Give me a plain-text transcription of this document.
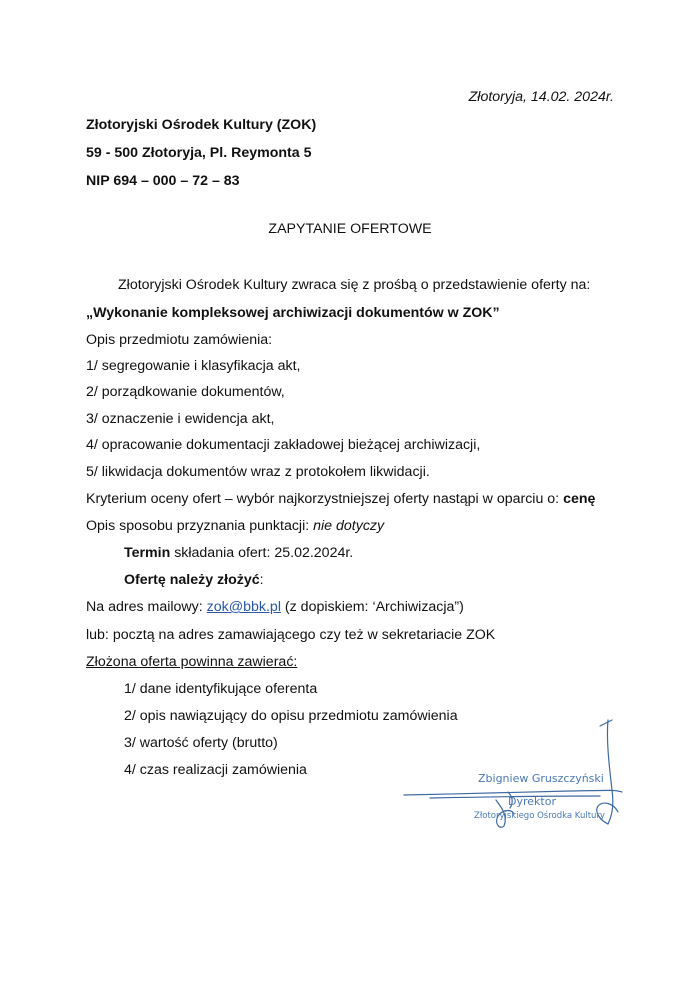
Złotoryja, 14.02. 2024r.
Złotoryjski Ośrodek Kultury (ZOK)
59 - 500 Złotoryja, Pl. Reymonta 5
NIP 694 – 000 – 72 – 83
ZAPYTANIE OFERTOWE
Złotoryjski Ośrodek Kultury zwraca się z prośbą o przedstawienie oferty na:
„Wykonanie kompleksowej archiwizacji dokumentów w ZOK”
Opis przedmiotu zamówienia:
1/ segregowanie i klasyfikacja akt,
2/ porządkowanie dokumentów,
3/ oznaczenie i ewidencja akt,
4/ opracowanie dokumentacji zakładowej bieżącej archiwizacji,
5/ likwidacja dokumentów wraz z protokołem likwidacji.
Kryterium oceny ofert – wybór najkorzystniejszej oferty nastąpi w oparciu o: cenę
Opis sposobu przyznania punktacji: nie dotyczy
Termin składania ofert: 25.02.2024r.
Ofertę należy złożyć:
Na adres mailowy: zok@bbk.pl (z dopiskiem: ‘Archiwizacja”)
lub: pocztą na adres zamawiającego czy też w sekretariacie ZOK
Złożona oferta powinna zawierać:
1/ dane identyfikujące oferenta
2/ opis nawiązujący do opisu przedmiotu zamówienia
3/ wartość oferty (brutto)
4/ czas realizacji zamówienia
Zbigniew Gruszczyński
Dyrektor
Złotoryjskiego Ośrodka Kultury
